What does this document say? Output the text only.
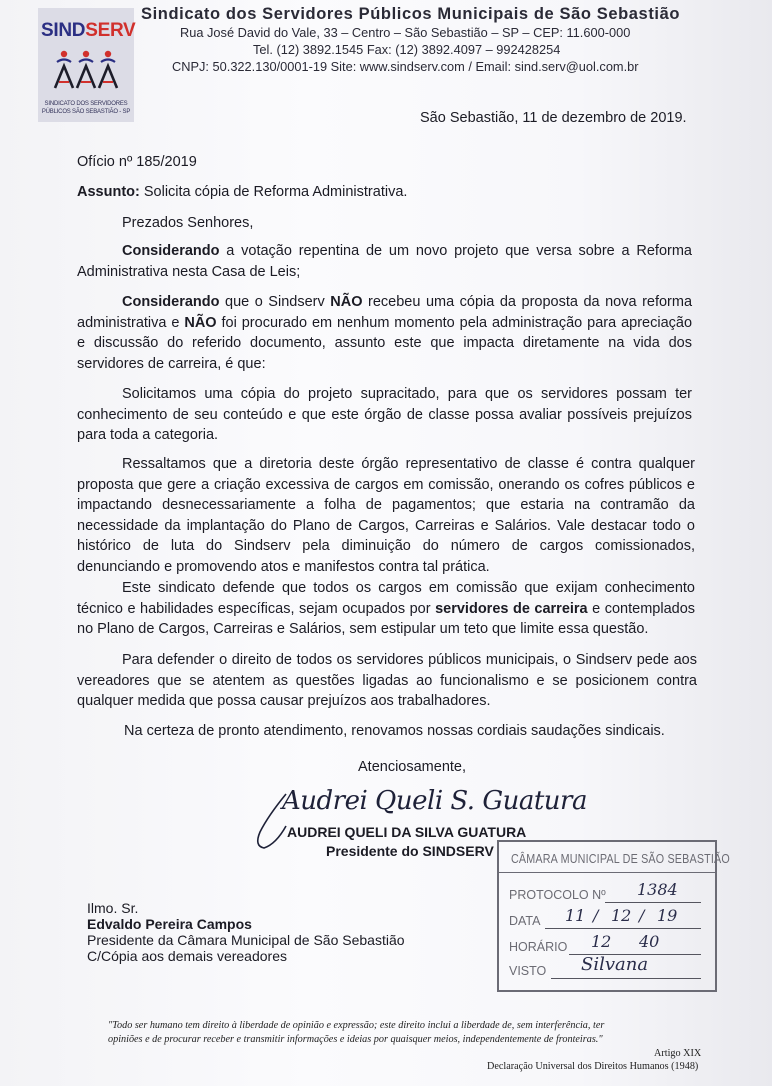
SINDSERV
SINDICATO DOS SERVIDORES PÚBLICOS SÃO SEBASTIÃO - SP
Sindicato dos Servidores Públicos Municipais de São Sebastião
Rua José David do Vale, 33 – Centro – São Sebastião – SP – CEP: 11.600-000
Tel. (12) 3892.1545 Fax: (12) 3892.4097 – 992428254
CNPJ: 50.322.130/0001-19 Site: www.sindserv.com / Email: sind.serv@uol.com.br
São Sebastião, 11 de dezembro de 2019.
Ofício nº 185/2019
Assunto: Solicita cópia de Reforma Administrativa.
Prezados Senhores,
Considerando a votação repentina de um novo projeto que versa sobre a Reforma
Administrativa nesta Casa de Leis;
Considerando que o Sindserv NÃO recebeu uma cópia da proposta da nova reforma
administrativa e NÃO foi procurado em nenhum momento pela administração para apreciação
e discussão do referido documento, assunto este que impacta diretamente na vida dos
servidores de carreira, é que:
Solicitamos uma cópia do projeto supracitado, para que os servidores possam ter
conhecimento de seu conteúdo e que este órgão de classe possa avaliar possíveis prejuízos
para toda a categoria.
Ressaltamos que a diretoria deste órgão representativo de classe é contra qualquer
proposta que gere a criação excessiva de cargos em comissão, onerando os cofres públicos e
impactando desnecessariamente a folha de pagamentos; que estaria na contramão da
necessidade da implantação do Plano de Cargos, Carreiras e Salários. Vale destacar todo o
histórico de luta do Sindserv pela diminuição do número de cargos comissionados,
denunciando e promovendo atos e manifestos contra tal prática.
Este sindicato defende que todos os cargos em comissão que exijam conhecimento
técnico e habilidades específicas, sejam ocupados por servidores de carreira e contemplados
no Plano de Cargos, Carreiras e Salários, sem estipular um teto que limite essa questão.
Para defender o direito de todos os servidores públicos municipais, o Sindserv pede aos
vereadores que se atentem as questões ligadas ao funcionalismo e se posicionem contra
qualquer medida que possa causar prejuízos aos trabalhadores.
Na certeza de pronto atendimento, renovamos nossas cordiais saudações sindicais.
Atenciosamente,
Audrei Queli S. Guatura
AUDREI QUELI DA SILVA GUATURA
Presidente do SINDSERV
Ilmo. Sr.
Edvaldo Pereira Campos
Presidente da Câmara Municipal de São Sebastião
C/Cópia aos demais vereadores
CÂMARA MUNICIPAL DE SÃO SEBASTIÃO
PROTOCOLO Nº 1384
DATA 11 / 12 / 19
HORÁRIO 12 40
VISTO Silvana
"Todo ser humano tem direito à liberdade de opinião e expressão; este direito inclui a liberdade de, sem interferência, ter
opiniões e de procurar receber e transmitir informações e ideias por quaisquer meios, independentemente de fronteiras."
Artigo XIX
Declaração Universal dos Direitos Humanos (1948)
